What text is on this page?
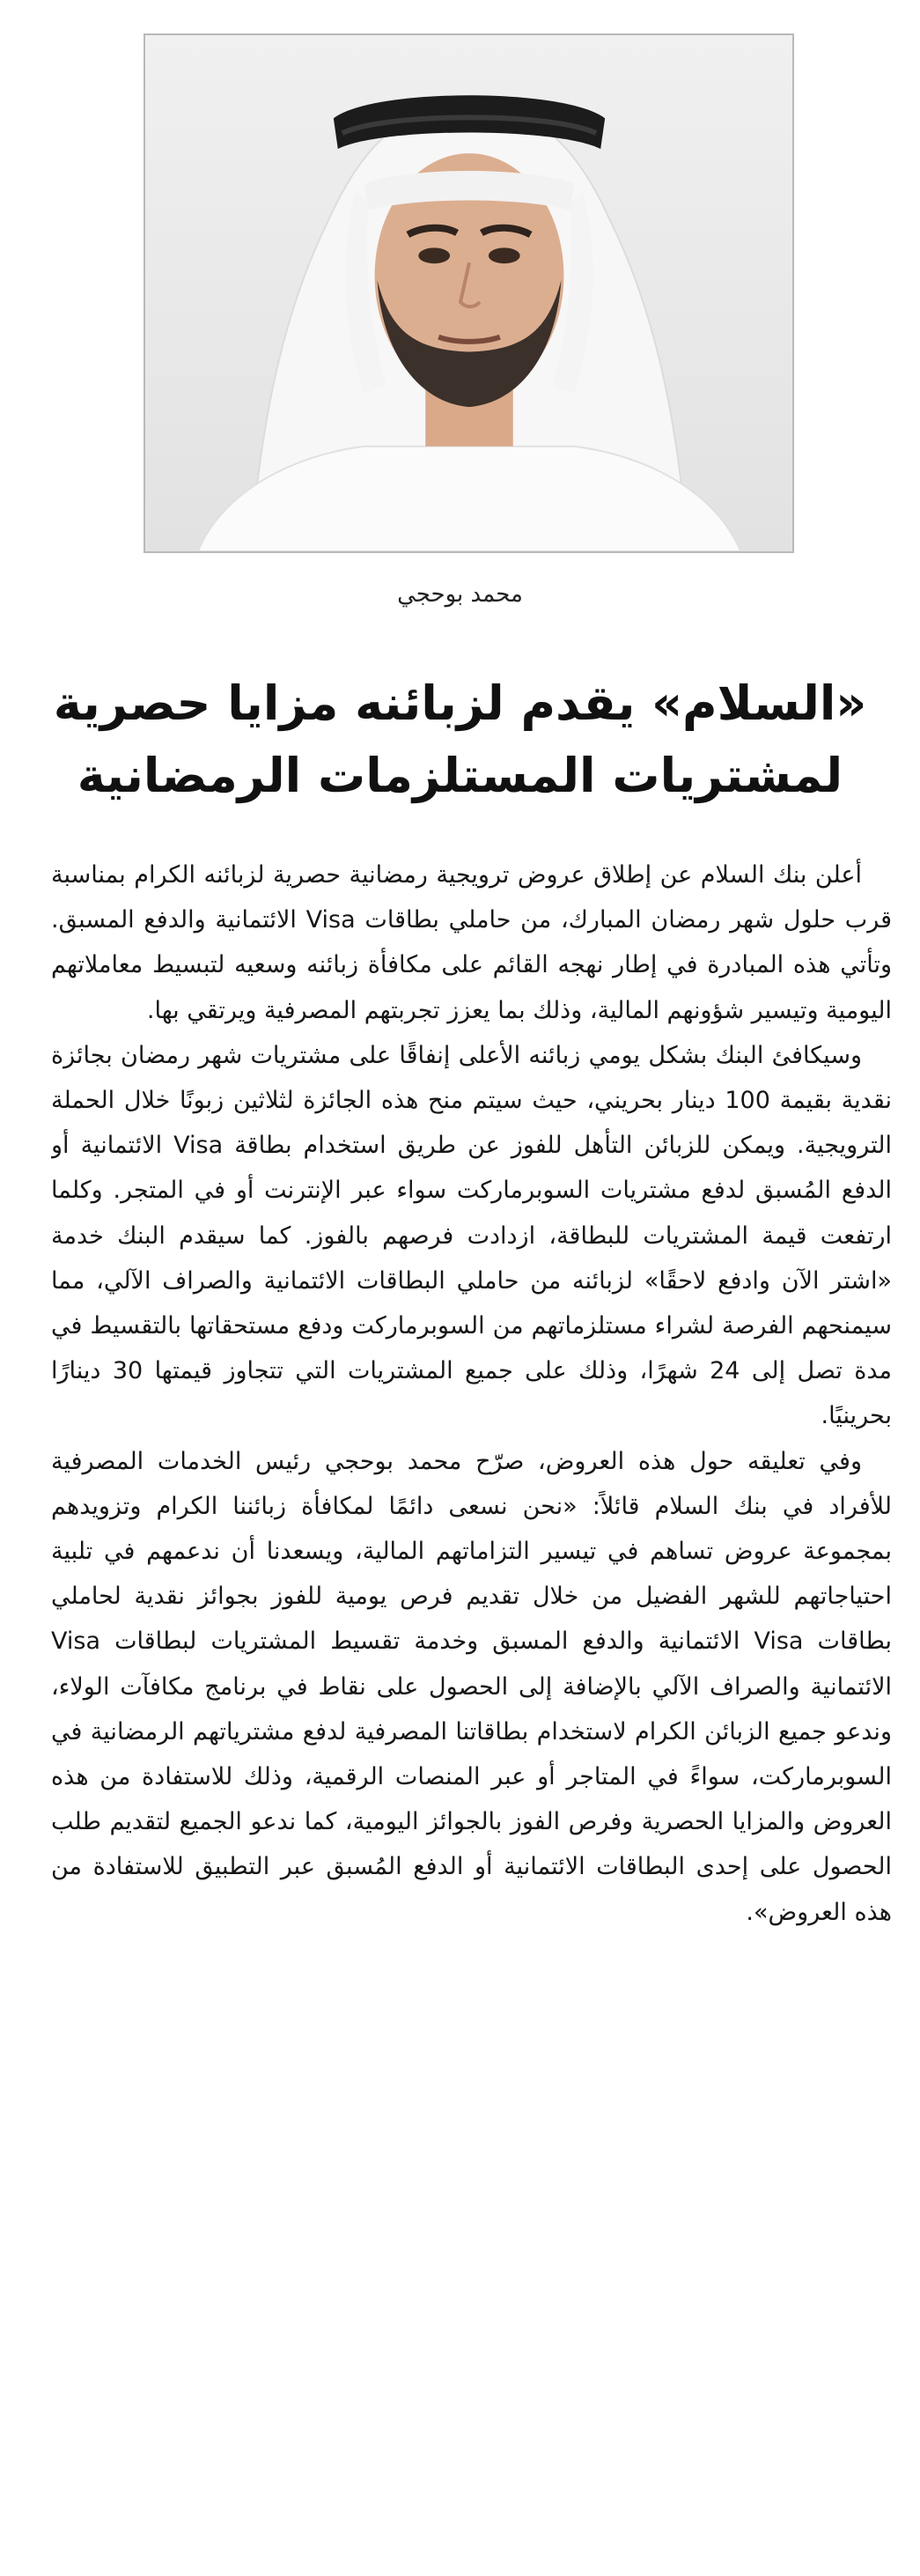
محمد بوحجي
«السلام» يقدم لزبائنه مزايا حصرية
لمشتريات المستلزمات الرمضانية

أعلن بنك السلام عن إطلاق عروض ترويجية رمضانية حصرية لزبائنه الكرام بمناسبة قرب حلول شهر رمضان المبارك، من حاملي بطاقات Visa الائتمانية والدفع المسبق. وتأتي هذه المبادرة في إطار نهجه القائم على مكافأة زبائنه وسعيه لتبسيط معاملاتهم اليومية وتيسير شؤونهم المالية، وذلك بما يعزز تجربتهم المصرفية ويرتقي بها.

وسيكافئ البنك بشكل يومي زبائنه الأعلى إنفاقًا على مشتريات شهر رمضان بجائزة نقدية بقيمة 100 دينار بحريني، حيث سيتم منح هذه الجائزة لثلاثين زبونًا خلال الحملة الترويجية. ويمكن للزبائن التأهل للفوز عن طريق استخدام بطاقة Visa الائتمانية أو الدفع المُسبق لدفع مشتريات السوبرماركت سواء عبر الإنترنت أو في المتجر. وكلما ارتفعت قيمة المشتريات للبطاقة، ازدادت فرصهم بالفوز. كما سيقدم البنك خدمة «اشتر الآن وادفع لاحقًا» لزبائنه من حاملي البطاقات الائتمانية والصراف الآلي، مما سيمنحهم الفرصة لشراء مستلزماتهم من السوبرماركت ودفع مستحقاتها بالتقسيط في مدة تصل إلى 24 شهرًا، وذلك على جميع المشتريات التي تتجاوز قيمتها 30 دينارًا بحرينيًا.

وفي تعليقه حول هذه العروض، صرّح محمد بوحجي رئيس الخدمات المصرفية للأفراد في بنك السلام قائلاً: «نحن نسعى دائمًا لمكافأة زبائننا الكرام وتزويدهم بمجموعة عروض تساهم في تيسير التزاماتهم المالية، ويسعدنا أن ندعمهم في تلبية احتياجاتهم للشهر الفضيل من خلال تقديم فرص يومية للفوز بجوائز نقدية لحاملي بطاقات Visa الائتمانية والدفع المسبق وخدمة تقسيط المشتريات لبطاقات Visa الائتمانية والصراف الآلي بالإضافة إلى الحصول على نقاط في برنامج مكافآت الولاء، وندعو جميع الزبائن الكرام لاستخدام بطاقاتنا المصرفية لدفع مشترياتهم الرمضانية في السوبرماركت، سواءً في المتاجر أو عبر المنصات الرقمية، وذلك للاستفادة من هذه العروض والمزايا الحصرية وفرص الفوز بالجوائز اليومية، كما ندعو الجميع لتقديم طلب الحصول على إحدى البطاقات الائتمانية أو الدفع المُسبق عبر التطبيق للاستفادة من هذه العروض».
